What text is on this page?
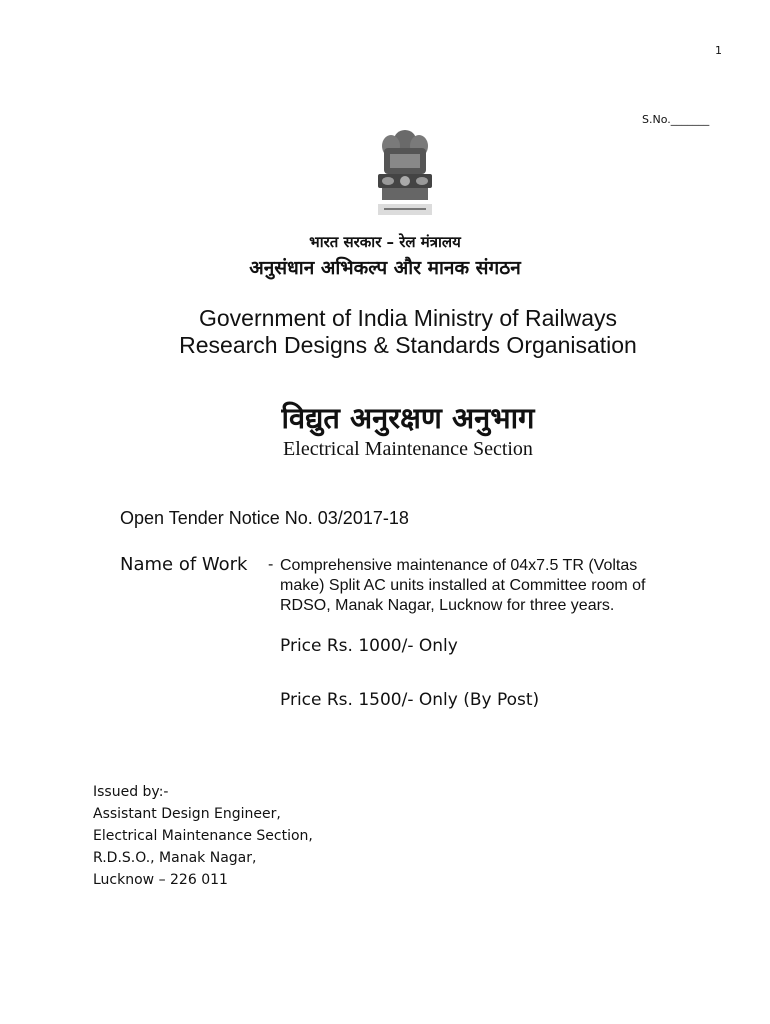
1
S.No._______
भारत सरकार – रेल मंत्रालय
अनुसंधान अभिकल्प और मानक संगठन
Government of India Ministry of Railways
Research Designs & Standards Organisation
विद्युत अनुरक्षण अनुभाग
Electrical Maintenance Section
Open Tender Notice No. 03/2017-18
Name of Work - Comprehensive maintenance of 04x7.5 TR (Voltas
make) Split AC units installed at Committee room of
RDSO, Manak Nagar, Lucknow for three years.
Price Rs. 1000/- Only
Price Rs. 1500/- Only (By Post)
Issued by:-
Assistant Design Engineer,
Electrical Maintenance Section,
R.D.S.O., Manak Nagar,
Lucknow – 226 011
